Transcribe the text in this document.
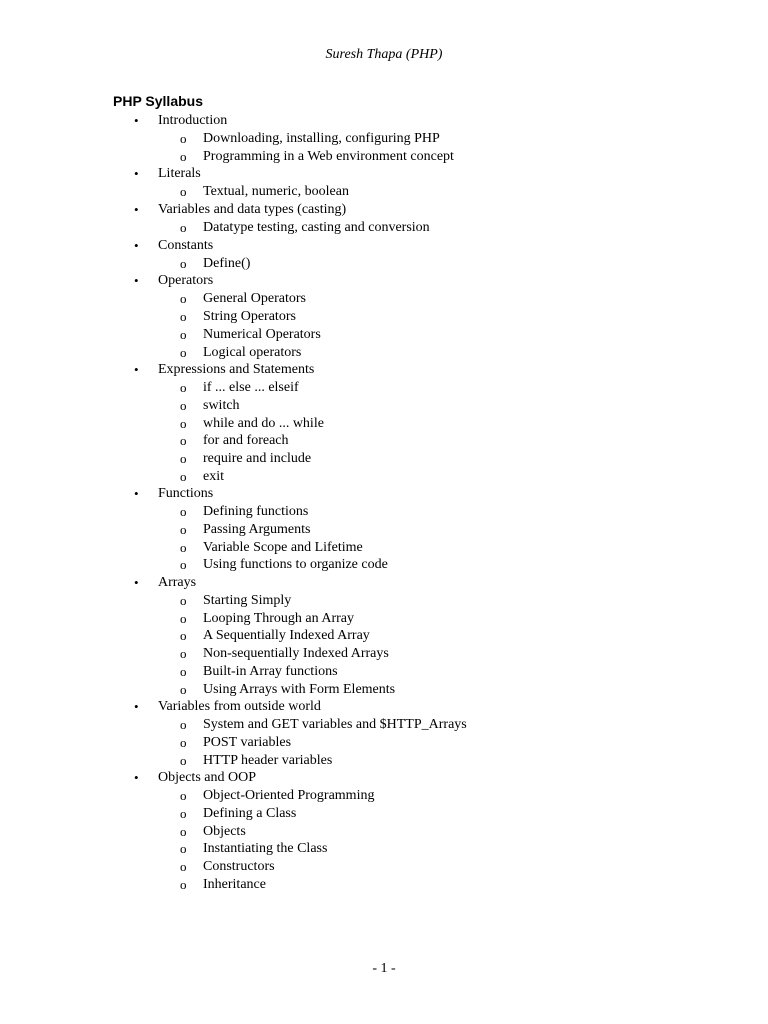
Suresh Thapa (PHP)
PHP Syllabus
• Introduction
o Downloading, installing, configuring PHP
o Programming in a Web environment concept
• Literals
o Textual, numeric, boolean
• Variables and data types (casting)
o Datatype testing, casting and conversion
• Constants
o Define()
• Operators
o General Operators
o String Operators
o Numerical Operators
o Logical operators
• Expressions and Statements
o if ... else ... elseif
o switch
o while and do ... while
o for and foreach
o require and include
o exit
• Functions
o Defining functions
o Passing Arguments
o Variable Scope and Lifetime
o Using functions to organize code
• Arrays
o Starting Simply
o Looping Through an Array
o A Sequentially Indexed Array
o Non-sequentially Indexed Arrays
o Built-in Array functions
o Using Arrays with Form Elements
• Variables from outside world
o System and GET variables and $HTTP_Arrays
o POST variables
o HTTP header variables
• Objects and OOP
o Object-Oriented Programming
o Defining a Class
o Objects
o Instantiating the Class
o Constructors
o Inheritance
- 1 -
